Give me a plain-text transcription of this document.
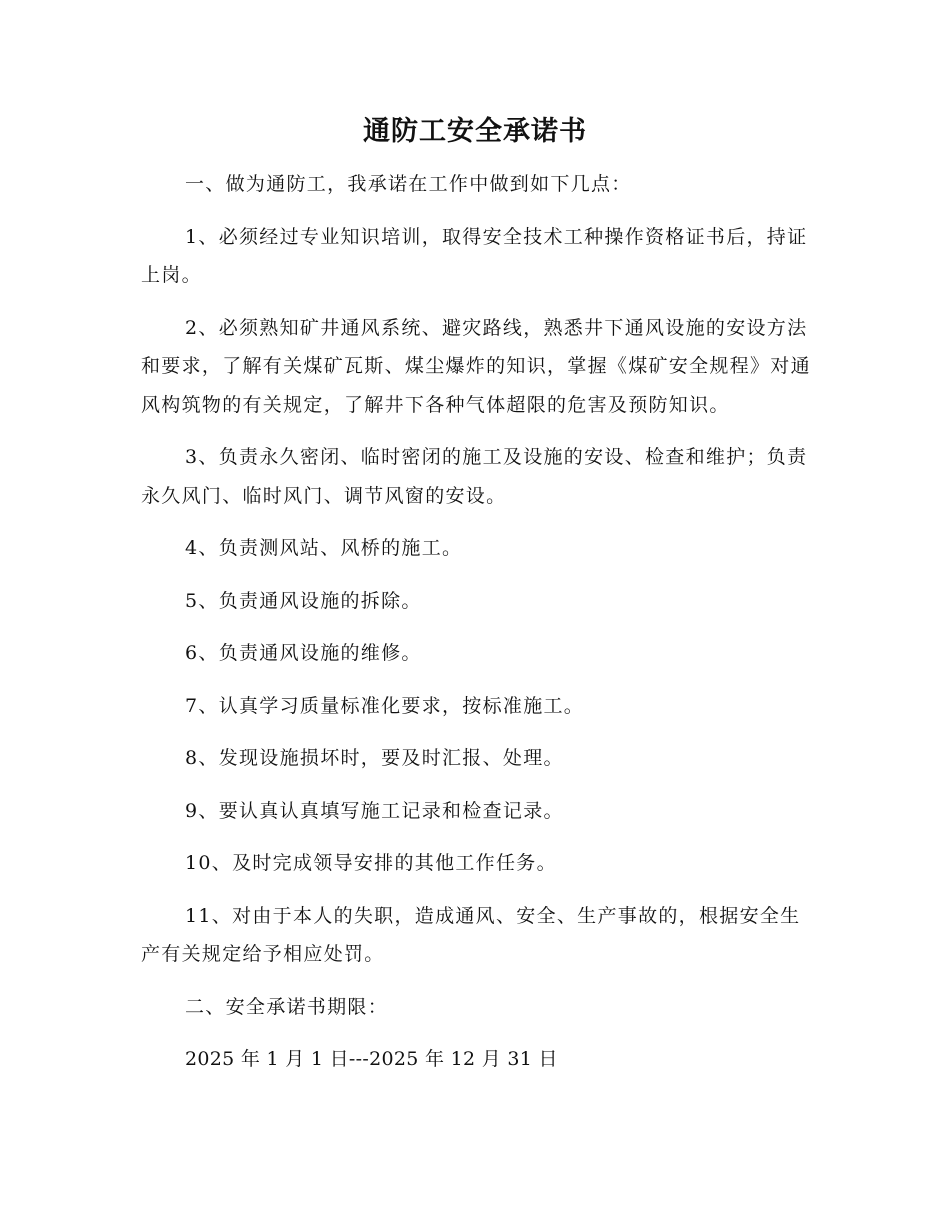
通防工安全承诺书

一、做为通防工，我承诺在工作中做到如下几点：

1、必须经过专业知识培训，取得安全技术工种操作资格证书后，持证上岗。

2、必须熟知矿井通风系统、避灾路线，熟悉井下通风设施的安设方法和要求，了解有关煤矿瓦斯、煤尘爆炸的知识，掌握《煤矿安全规程》对通风构筑物的有关规定，了解井下各种气体超限的危害及预防知识。

3、负责永久密闭、临时密闭的施工及设施的安设、检查和维护；负责永久风门、临时风门、调节风窗的安设。

4、负责测风站、风桥的施工。

5、负责通风设施的拆除。

6、负责通风设施的维修。

7、认真学习质量标准化要求，按标准施工。

8、发现设施损坏时，要及时汇报、处理。

9、要认真认真填写施工记录和检查记录。

10、及时完成领导安排的其他工作任务。

11、对由于本人的失职，造成通风、安全、生产事故的，根据安全生产有关规定给予相应处罚。

二、安全承诺书期限：

2025 年 1 月 1 日---2025 年 12 月 31 日
